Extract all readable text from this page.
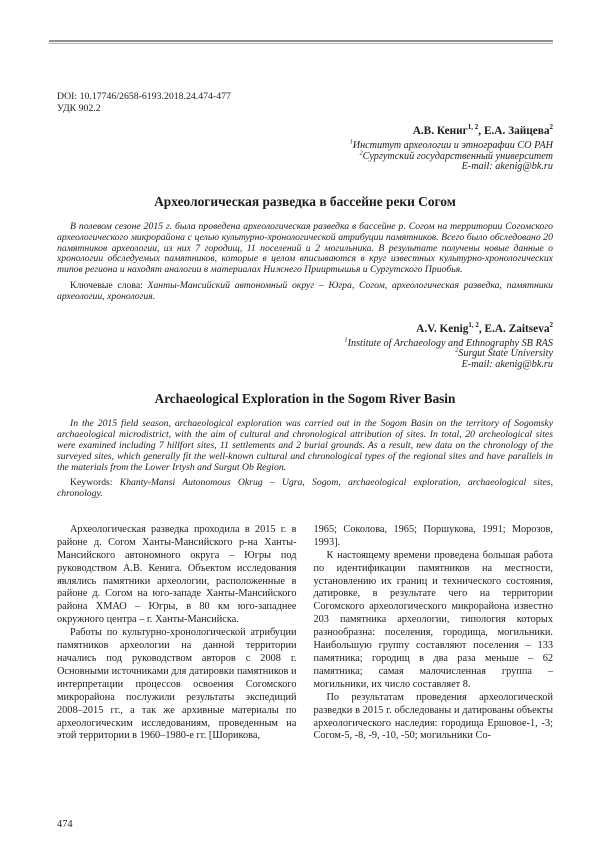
DOI: 10.17746/2658-6193.2018.24.474-477

УДК 902.2

А.В. Кениг$^{1, 2}$, Е.А. Зайцева$^2$

$^1$Институт археологии и этнографии СО РАН

$^2$Сургутский государственный университет

E-mail: akenig@bk.ru

Археологическая разведка в бассейне реки Согом

В полевом сезоне 2015 г. была проведена археологическая разведка в бассейне р. Согом на территории Согомского археологического микрорайона с целью культурно-хронологической атрибуции памятников. Всего было обследовано 20 памятников археологии, из них 7 городищ, 11 поселений и 2 могильника. В результате получены новые данные о хронологии обследуемых памятников, которые в целом вписываются в круг известных культурно-хронологических типов региона и находят аналогии в материалах Нижнего Прииртышья и Сургутского Приобья.

Ключевые слова: Ханты-Мансийский автономный округ – Югра, Согом, археологическая разведка, памятники археологии, хронология.

A.V. Kenig$^{1, 2}$, E.A. Zaitseva$^2$

$^1$Institute of Archaeology and Ethnography SB RAS

$^2$Surgut State University

E-mail: akenig@bk.ru

Archaeological Exploration in the Sogom River Basin

In the 2015 field season, archaeological exploration was carried out in the Sogom Basin on the territory of Sogomsky archaeological microdistrict, with the aim of cultural and chronological attribution of sites. In total, 20 archeological sites were examined including 7 hillfort sites, 11 settlements and 2 burial grounds. As a result, new data on the chronology of the surveyed sites, which generally fit the well-known cultural and chronological types of the regional sites and have parallels in the materials from the Lower Irtysh and Surgut Ob Region.

Keywords: Khanty-Mansi Autonomous Okrug – Ugra, Sogom, archaeological exploration, archaeological sites, chronology.

Археологическая разведка проходила в 2015 г. в районе д. Согом Ханты-Мансийского р-на Ханты-Мансийского автономного округа – Югры под руководством А.В. Кенига. Объектом исследования являлись памятники археологии, расположенные в районе д. Согом на юго-западе Ханты-Мансийского района ХМАО – Югры, в 80 км юго-западнее окружного центра – г. Ханты-Мансийска.

Работы по культурно-хронологической атрибуции памятников археологии на данной территории начались под руководством авторов с 2008 г. Основными источниками для датировки памятников и интерпретации процессов освоения Согомского микрорайона послужили результаты экспедиций 2008–2015 гг., а так же архивные материалы по археологическим исследованиям, проведенным на этой территории в 1960–1980-е гг. [Шорикова,

1965; Соколова, 1965; Поршукова, 1991; Морозов, 1993].

К настоящему времени проведена большая работа по идентификации памятников на местности, установлению их границ и технического состояния, датировке, в результате чего на территории Согомского археологического микрорайона известно 203 памятника археологии, типология которых разнообразна: поселения, городища, могильники. Наибольшую группу составляют поселения – 133 памятника; городищ в два раза меньше – 62 памятника; самая малочисленная группа – могильники, их число составляет 8.

По результатам проведения археологической разведки в 2015 г. обследованы и датированы объекты археологического наследия: городища Ершовое-1, -3; Согом-5, -8, -9, -10, -50; могильники Со-

474
